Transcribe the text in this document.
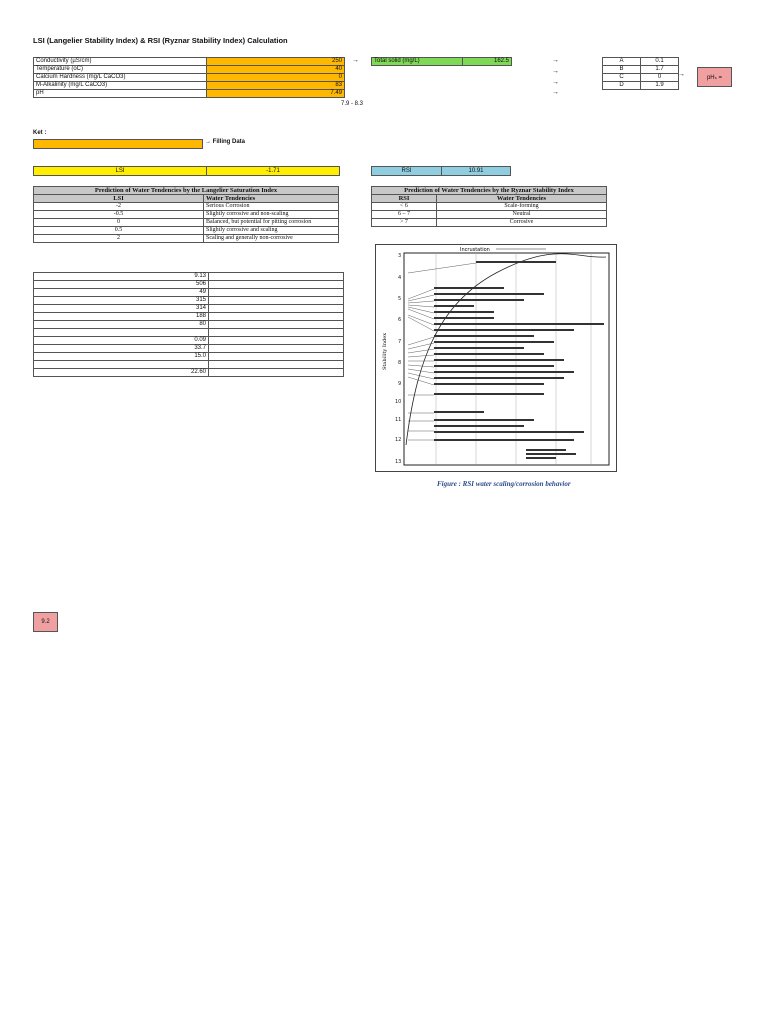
LSI (Langelier Stability Index) & RSI (Ryznar Stability Index) Calculation
Conductivity (µS/cm)	250
Temperature (oC)	40
Calcium Hardness (mg/L CaCO3)	0
M-Alkalinity (mg/L CaCO3)	83
pH	7.49
7.9 - 8.3
→	Total solid (mg/L)	162.5	→
→
→
→
A	0.1
B	1.7
C	0
D	1.9
→	pHₛ =
Ket :
→ Filling Data
LSI	-1.71	RSI	10.91
Prediction of Water Tendencies by the Langelier Saturation Index	
LSI	Water Tendencies
-2	Serious Corrosion
-0.5	Slightly corrosive and non-scaling
0	Balanced, but potential for pitting corrosion
0.5	Slightly corrosive and scaling
2	Scaling and generally non-corrosive
Prediction of Water Tendencies by the Ryznar Stability Index	
RSI	Water Tendencies
< 6	Scale-forming
6 – 7	Neutral
> 7	Corrosive
9.13	
506	
49	
315	
314	
188	
80	

0.09	
33.7	
15.0	

22.60	
Incrustation
3
4
5
6
7
8
9
10
11
12
13
Stability Index
Figure : RSI water scaling/corrosion behavior
9.2
